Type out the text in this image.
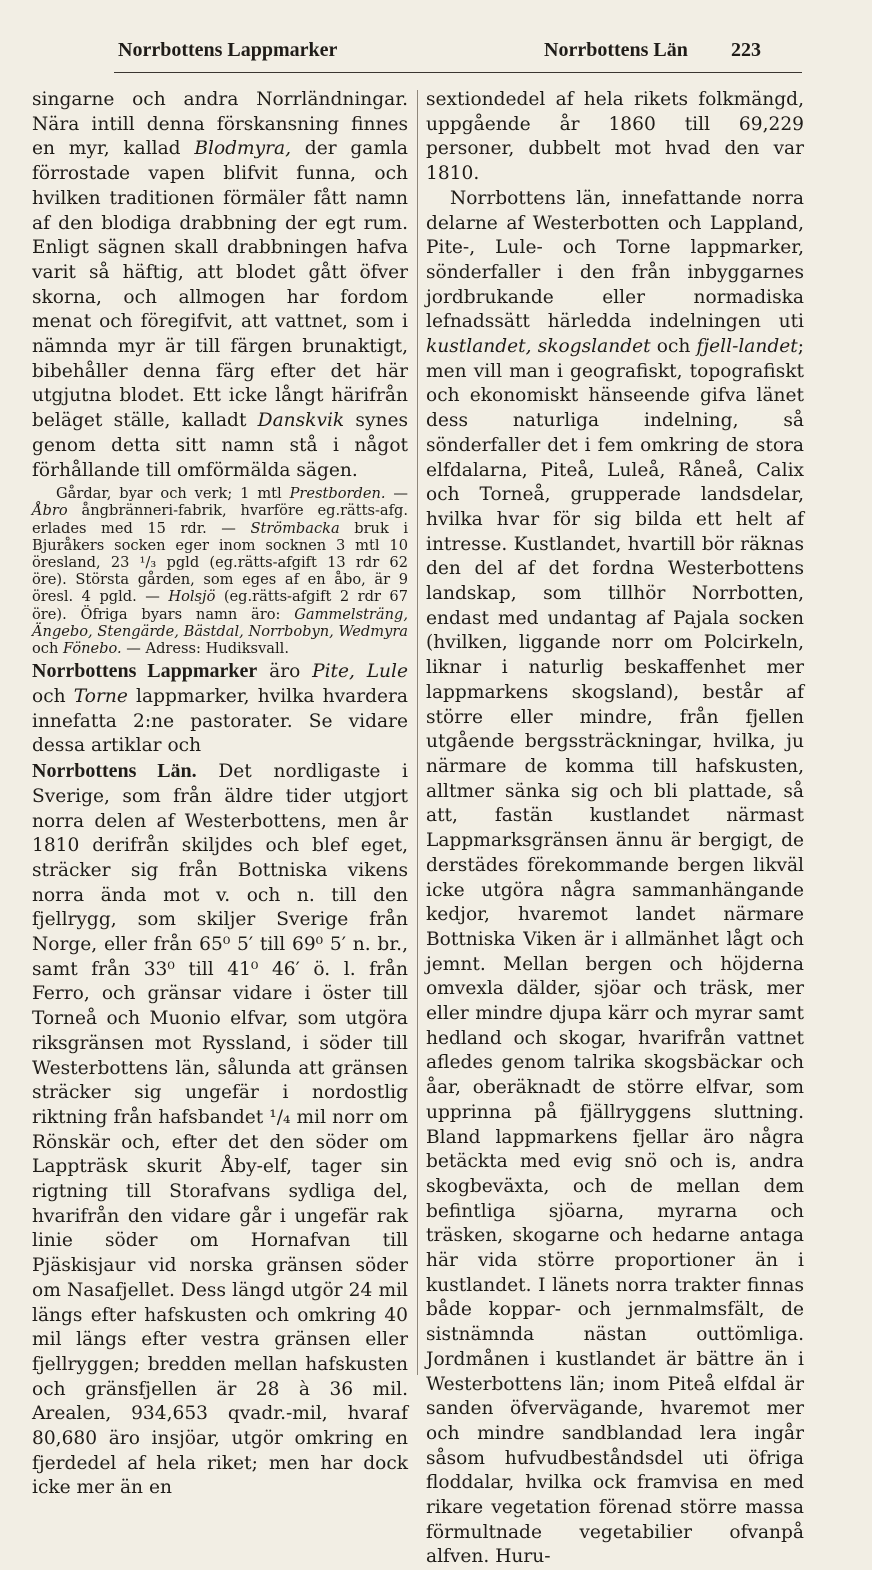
Norrbottens Lappmarker	Norrbottens Län 223

singarne och andra Norrländningar. Nära intill denna förskansning finnes en myr, kallad Blodmyra, der gamla förrostade vapen blifvit funna, och hvilken traditionen förmäler fått namn af den blodiga drabbning der egt rum. Enligt sägnen skall drabbningen hafva varit så häftig, att blodet gått öfver skorna, och allmogen har fordom menat och föregifvit, att vattnet, som i nämnda myr är till färgen brunaktigt, bibehåller denna färg efter det här utgjutna blodet. Ett icke långt härifrån beläget ställe, kalladt Danskvik synes genom detta sitt namn stå i något förhållande till omförmälda sägen.

Gårdar, byar och verk; 1 mtl Prestborden. — Åbro ångbränneri-fabrik, hvarföre eg.rätts-afg. erlades med 15 rdr. — Strömbacka bruk i Bjuråkers socken eger inom socknen 3 mtl 10 öresland, 23 ¹/₃ pgld (eg.rätts-afgift 13 rdr 62 öre). Största gården, som eges af en åbo, är 9 öresl. 4 pgld. — Holsjö (eg.rätts-afgift 2 rdr 67 öre). Öfriga byars namn äro: Gammelsträng, Ängebo, Stengärde, Bästdal, Norrbobyn, Wedmyra och Fönebo. — Adress: Hudiksvall.

Norrbottens Lappmarker äro Pite, Lule och Torne lappmarker, hvilka hvardera innefatta 2:ne pastorater. Se vidare dessa artiklar och

Norrbottens Län. Det nordligaste i Sverige, som från äldre tider utgjort norra delen af Westerbottens, men år 1810 derifrån skiljdes och blef eget, sträcker sig från Bottniska vikens norra ända mot v. och n. till den fjellrygg, som skiljer Sverige från Norge, eller från 65⁰ 5′ till 69⁰ 5′ n. br., samt från 33⁰ till 41⁰ 46′ ö. l. från Ferro, och gränsar vidare i öster till Torneå och Muonio elfvar, som utgöra riksgränsen mot Ryssland, i söder till Westerbottens län, sålunda att gränsen sträcker sig ungefär i nordostlig riktning från hafsbandet ¹/₄ mil norr om Rönskär och, efter det den söder om Lappträsk skurit Åby-elf, tager sin rigtning till Storafvans sydliga del, hvarifrån den vidare går i ungefär rak linie söder om Hornafvan till Pjäskisjaur vid norska gränsen söder om Nasafjellet. Dess längd utgör 24 mil längs efter hafskusten och omkring 40 mil längs efter vestra gränsen eller fjellryggen; bredden mellan hafskusten och gränsfjellen är 28 à 36 mil. Arealen, 934,653 qvadr.-mil, hvaraf 80,680 äro insjöar, utgör omkring en fjerdedel af hela riket; men har dock icke mer än en

sextiondedel af hela rikets folkmängd, uppgående år 1860 till 69,229 personer, dubbelt mot hvad den var 1810.

Norrbottens län, innefattande norra delarne af Westerbotten och Lappland, Pite-, Lule- och Torne lappmarker, sönderfaller i den från inbyggarnes jordbrukande eller normadiska lefnadssätt härledda indelningen uti kustlandet, skogslandet och fjell-landet; men vill man i geografiskt, topografiskt och ekonomiskt hänseende gifva länet dess naturliga indelning, så sönderfaller det i fem omkring de stora elfdalarna, Piteå, Luleå, Råneå, Calix och Torneå, grupperade landsdelar, hvilka hvar för sig bilda ett helt af intresse. Kustlandet, hvartill bör räknas den del af det fordna Westerbottens landskap, som tillhör Norrbotten, endast med undantag af Pajala socken (hvilken, liggande norr om Polcirkeln, liknar i naturlig beskaffenhet mer lappmarkens skogsland), består af större eller mindre, från fjellen utgående bergssträckningar, hvilka, ju närmare de komma till hafskusten, alltmer sänka sig och bli plattade, så att, fastän kustlandet närmast Lappmarksgränsen ännu är bergigt, de derstädes förekommande bergen likväl icke utgöra några sammanhängande kedjor, hvaremot landet närmare Bottniska Viken är i allmänhet lågt och jemnt. Mellan bergen och höjderna omvexla dälder, sjöar och träsk, mer eller mindre djupa kärr och myrar samt hedland och skogar, hvarifrån vattnet afledes genom talrika skogsbäckar och åar, oberäknadt de större elfvar, som upprinna på fjällryggens sluttning. Bland lappmarkens fjellar äro några betäckta med evig snö och is, andra skogbeväxta, och de mellan dem befintliga sjöarna, myrarna och träsken, skogarne och hedarne antaga här vida större proportioner än i kustlandet. I länets norra trakter finnas både koppar- och jernmalmsfält, de sistnämnda nästan outtömliga. Jordmånen i kustlandet är bättre än i Westerbottens län; inom Piteå elfdal är sanden öfvervägande, hvaremot mer och mindre sandblandad lera ingår såsom hufvudbeståndsdel uti öfriga floddalar, hvilka ock framvisa en med rikare vegetation förenad större massa förmultnade vegetabilier ofvanpå alfven. Huru-
